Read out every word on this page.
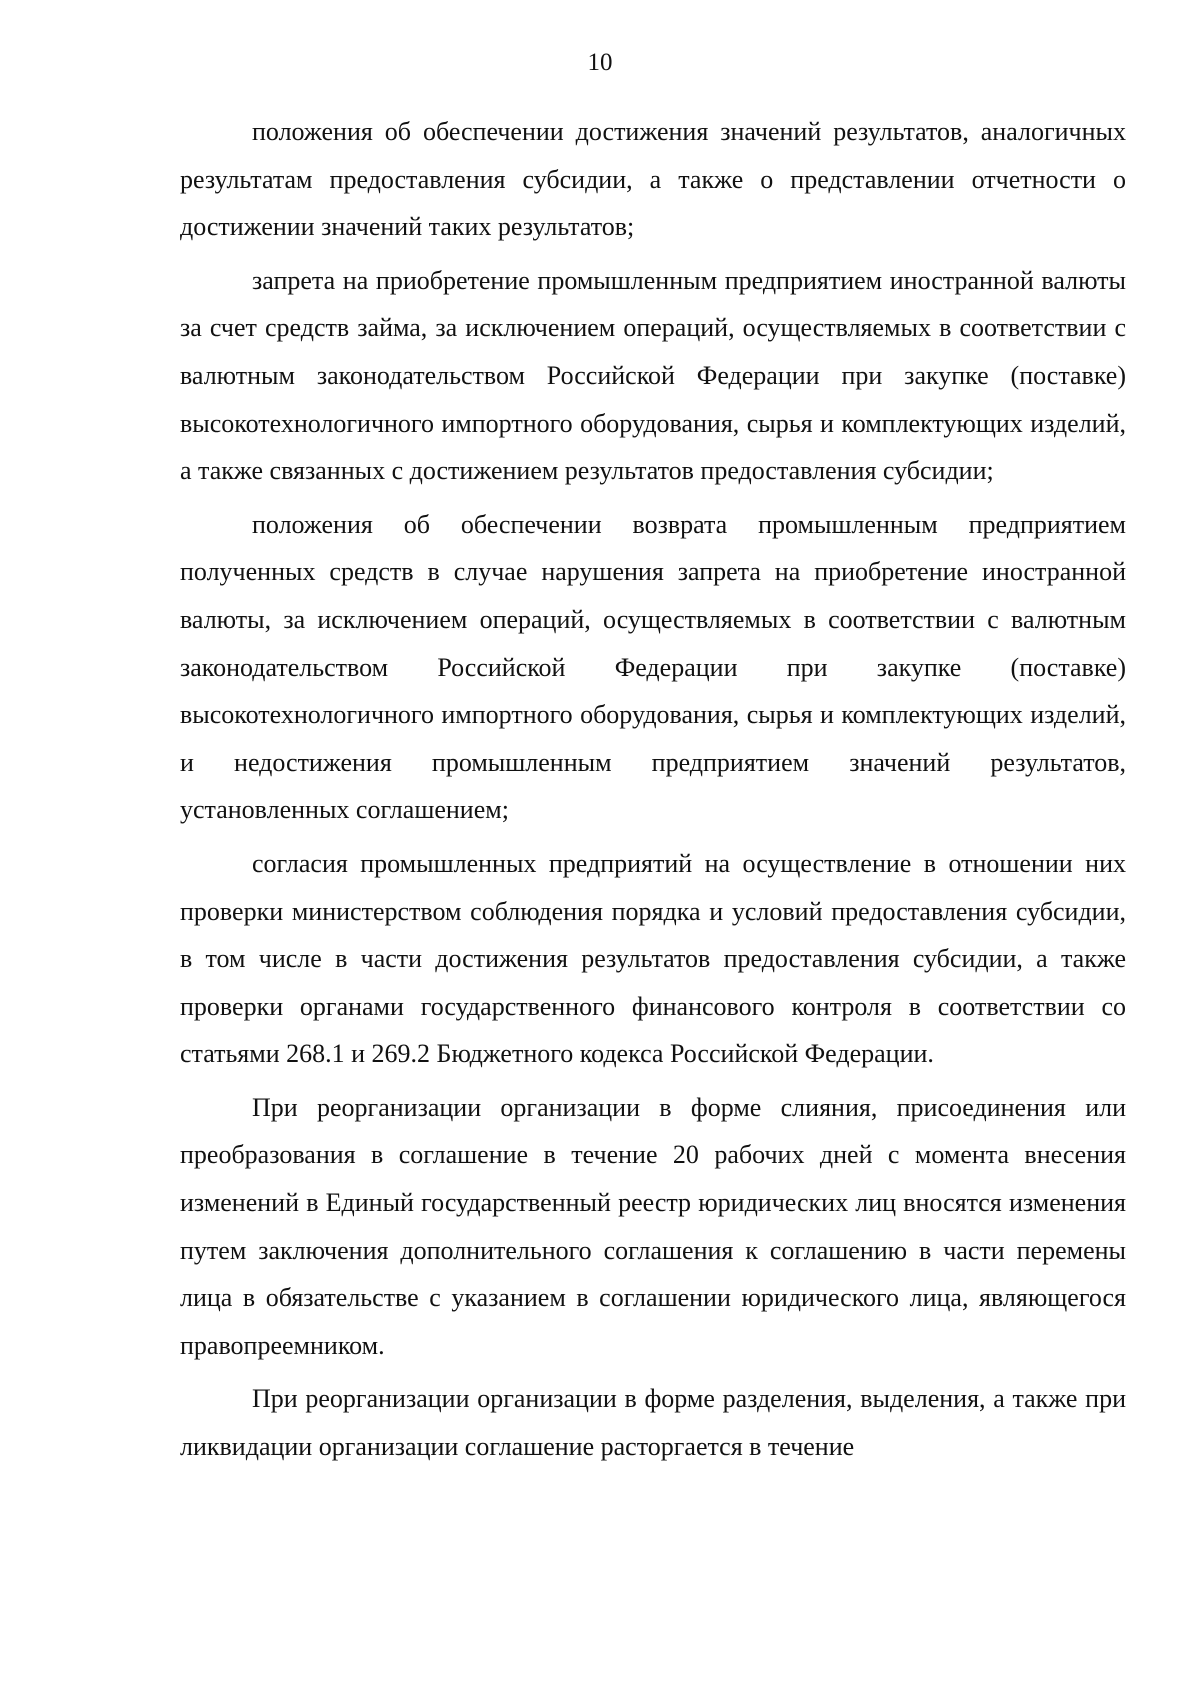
10

положения об обеспечении достижения значений результатов, аналогичных результатам предоставления субсидии, а также о представлении отчетности о достижении значений таких результатов;

запрета на приобретение промышленным предприятием иностранной валюты за счет средств займа, за исключением операций, осуществляемых в соответствии с валютным законодательством Российской Федерации при закупке (поставке) высокотехнологичного импортного оборудования, сырья и комплектующих изделий, а также связанных с достижением результатов предоставления субсидии;

положения об обеспечении возврата промышленным предприятием полученных средств в случае нарушения запрета на приобретение иностранной валюты, за исключением операций, осуществляемых в соответствии с валютным законодательством Российской Федерации при закупке (поставке) высокотехнологичного импортного оборудования, сырья и комплектующих изделий, и недостижения промышленным предприятием значений результатов, установленных соглашением;

согласия промышленных предприятий на осуществление в отношении них проверки министерством соблюдения порядка и условий предоставления субсидии, в том числе в части достижения результатов предоставления субсидии, а также проверки органами государственного финансового контроля в соответствии со статьями 268.1 и 269.2 Бюджетного кодекса Российской Федерации.

При реорганизации организации в форме слияния, присоединения или преобразования в соглашение в течение 20 рабочих дней с момента внесения изменений в Единый государственный реестр юридических лиц вносятся изменения путем заключения дополнительного соглашения к соглашению в части перемены лица в обязательстве с указанием в соглашении юридического лица, являющегося правопреемником.

При реорганизации организации в форме разделения, выделения, а также при ликвидации организации соглашение расторгается в течение
